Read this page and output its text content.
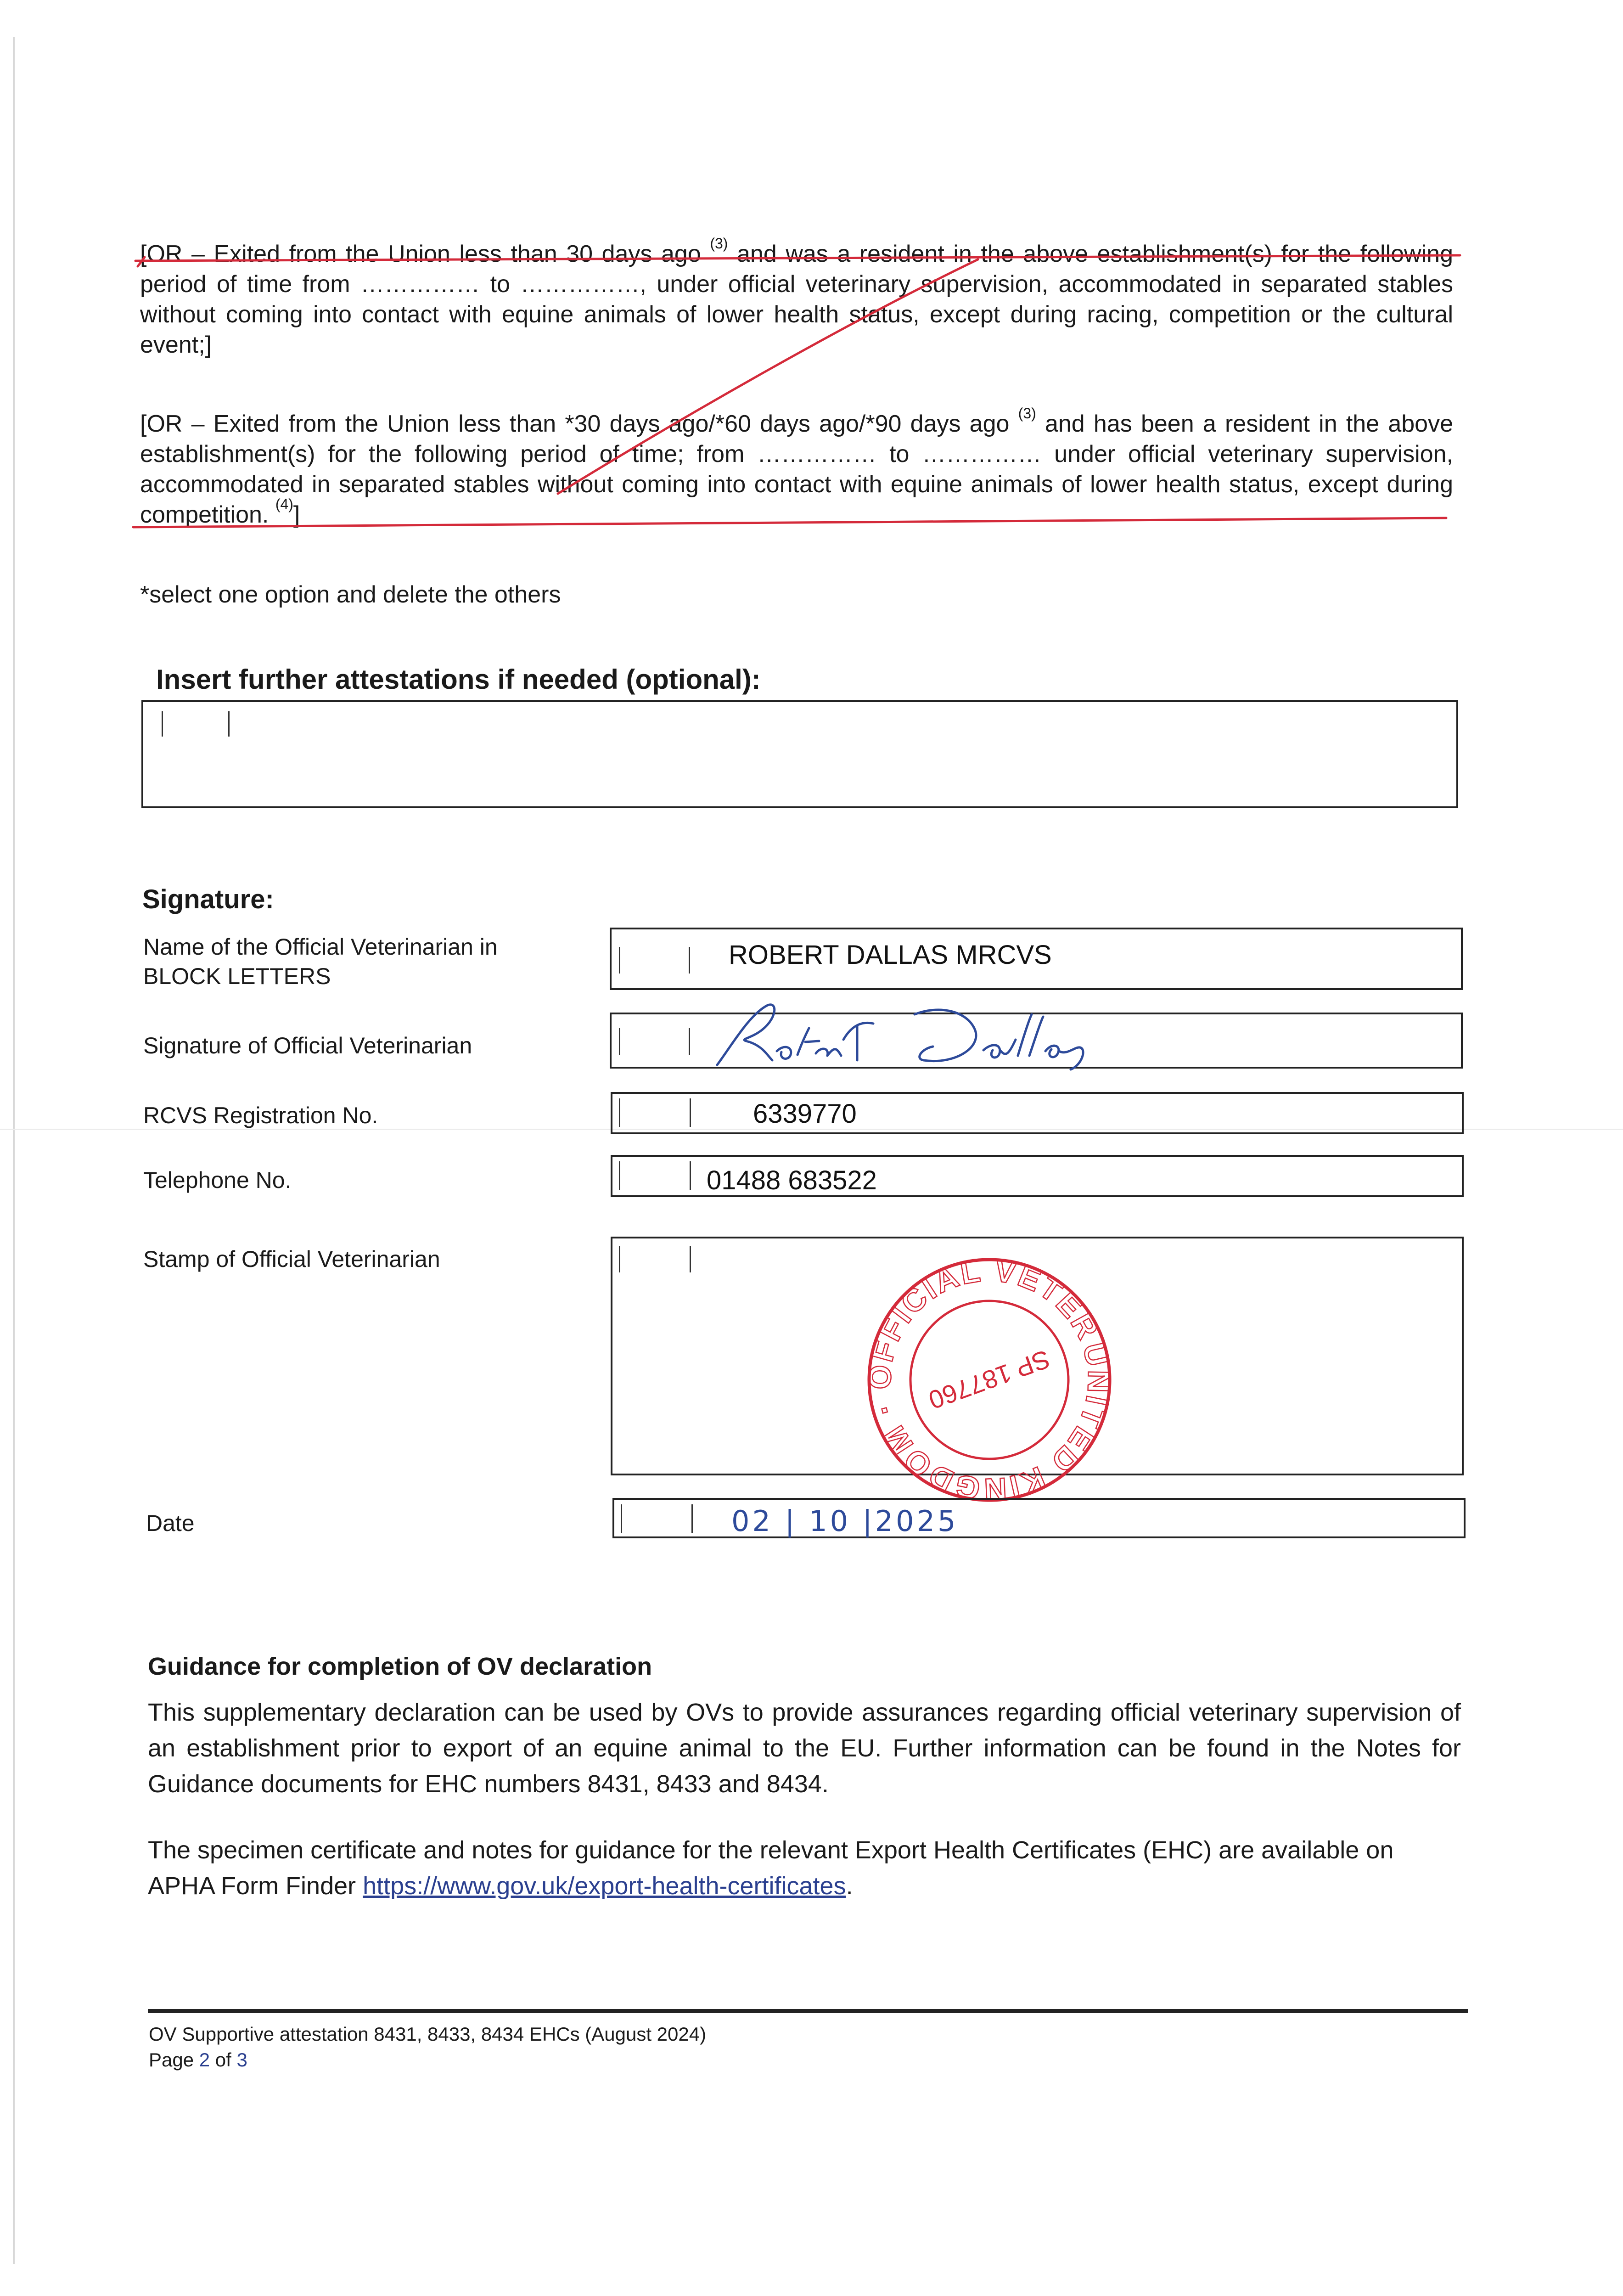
[OR – Exited from the Union less than 30 days ago $^{(3)}$ and was a resident in the above establishment(s) for the following period of time from …………… to ……………, under official veterinary supervision, accommodated in separated stables without coming into contact with equine animals of lower health status, except during racing, competition or the cultural event;]
[OR – Exited from the Union less than *30 days ago/*60 days ago/*90 days ago $^{(3)}$ and has been a resident in the above establishment(s) for the following period of time; from …………… to …………… under official veterinary supervision, accommodated in separated stables without coming into contact with equine animals of lower health status, except during competition. $^{(4)}$]
*select one option and delete the others
Insert further attestations if needed (optional):
Signature:
Name of the Official Veterinarian in
BLOCK LETTERS
ROBERT DALLAS MRCVS
Signature of Official Veterinarian
RCVS Registration No.	6339770
Telephone No.	01488 683522
Stamp of Official Veterinarian
UNITED KINGDOM · OFFICIAL VETERINARIAN
SP 187760
Date	02 | 10 |2025
Guidance for completion of OV declaration
This supplementary declaration can be used by OVs to provide assurances regarding official veterinary supervision of an establishment prior to export of an equine animal to the EU. Further information can be found in the Notes for Guidance documents for EHC numbers 8431, 8433 and 8434.
The specimen certificate and notes for guidance for the relevant Export Health Certificates (EHC) are available on APHA Form Finder https://www.gov.uk/export-health-certificates.
OV Supportive attestation 8431, 8433, 8434 EHCs (August 2024)
Page 2 of 3
